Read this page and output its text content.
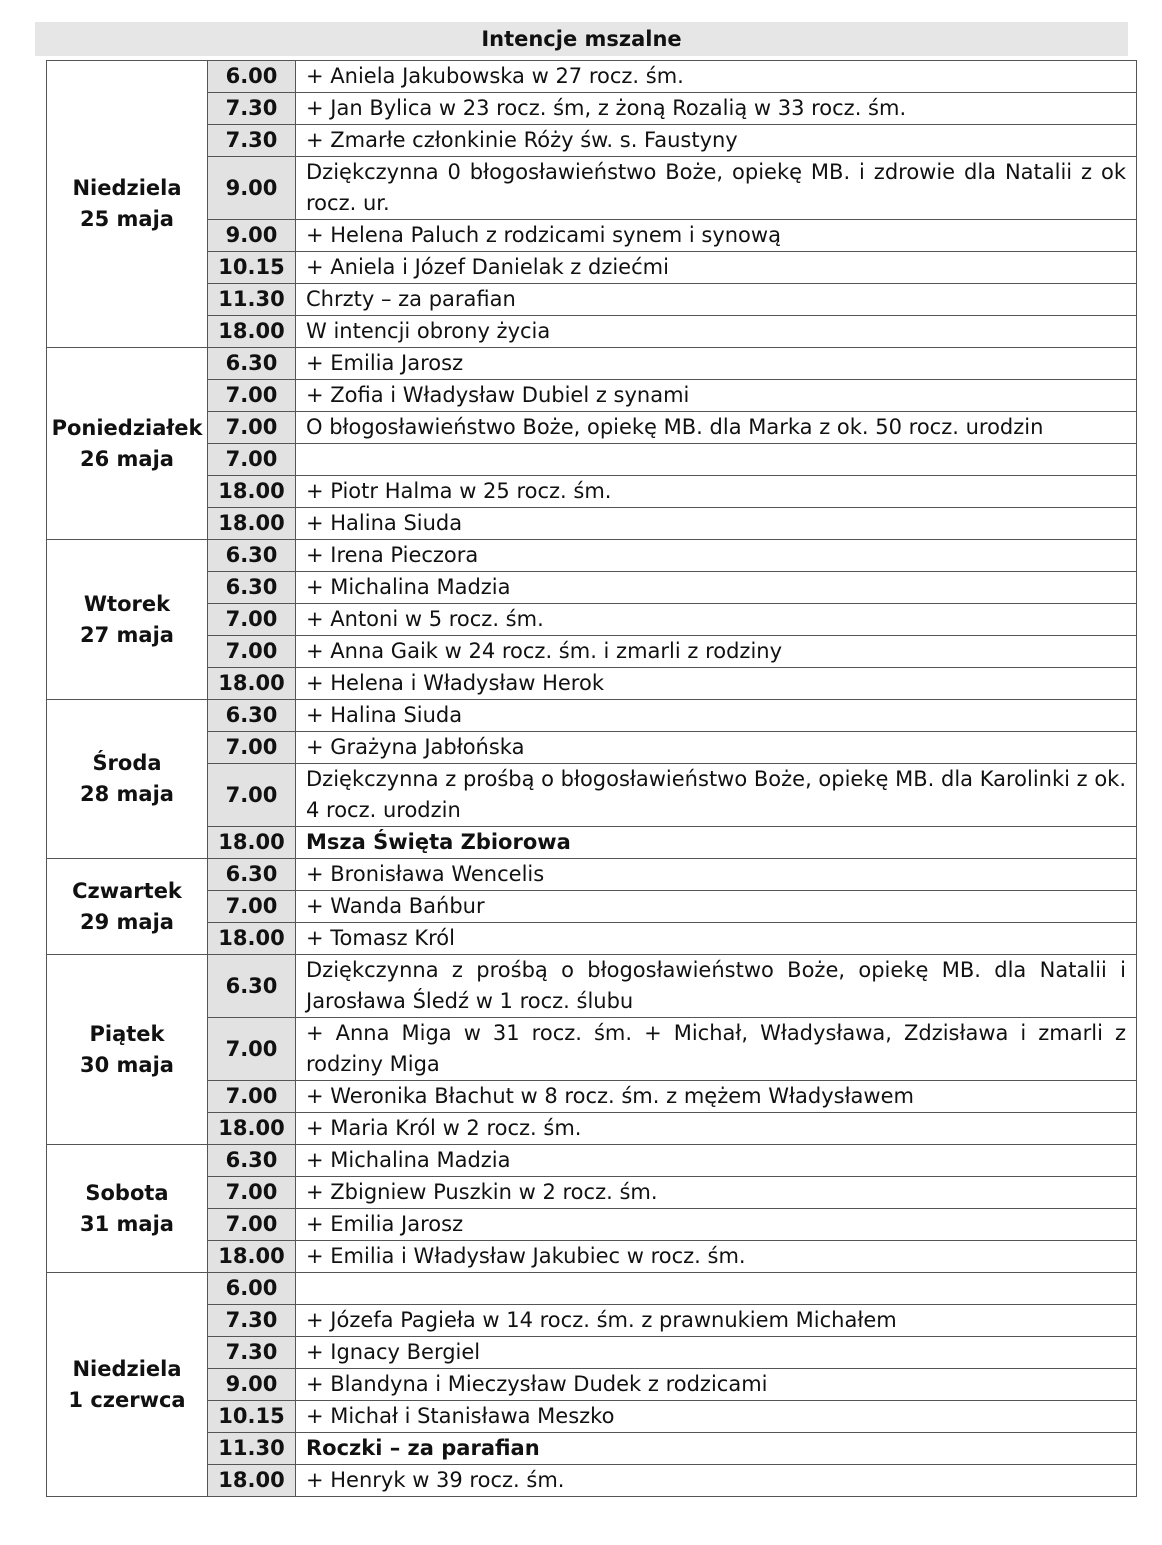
Intencje mszalne
Niedziela
25 maja	6.00	+ Aniela Jakubowska w 27 rocz. śm.
	7.30	+ Jan Bylica w 23 rocz. śm, z żoną Rozalią w 33 rocz. śm.
	7.30	+ Zmarłe członkinie Róży św. s. Faustyny
	9.00	Dziękczynna 0 błogosławieństwo Boże, opiekę MB. i zdrowie dla Natalii z ok rocz. ur.
	9.00	+ Helena Paluch z rodzicami synem i synową
	10.15	+ Aniela i Józef Danielak z dziećmi
	11.30	Chrzty – za parafian
	18.00	W intencji obrony życia

Poniedziałek
26 maja	6.30	+ Emilia Jarosz
	7.00	+ Zofia i Władysław Dubiel z synami
	7.00	O błogosławieństwo Boże, opiekę MB. dla Marka z ok. 50 rocz. urodzin
	7.00	
	18.00	+ Piotr Halma w 25 rocz. śm.
	18.00	+ Halina Siuda

Wtorek
27 maja	6.30	+ Irena Pieczora
	6.30	+ Michalina Madzia
	7.00	+ Antoni w 5 rocz. śm.
	7.00	+ Anna Gaik w 24 rocz. śm. i zmarli z rodziny
	18.00	+ Helena i Władysław Herok

Środa
28 maja	6.30	+ Halina Siuda
	7.00	+ Grażyna Jabłońska
	7.00	Dziękczynna z prośbą o błogosławieństwo Boże, opiekę MB. dla Karolinki z ok. 4 rocz. urodzin
	18.00	Msza Święta Zbiorowa

Czwartek
29 maja	6.30	+ Bronisława Wencelis
	7.00	+ Wanda Bańbur
	18.00	+ Tomasz Król

Piątek
30 maja	6.30	Dziękczynna z prośbą o błogosławieństwo Boże, opiekę MB. dla Natalii i Jarosława Śledź w 1 rocz. ślubu
	7.00	+ Anna Miga w 31 rocz. śm. + Michał, Władysława, Zdzisława i zmarli z rodziny Miga
	7.00	+ Weronika Błachut w 8 rocz. śm. z mężem Władysławem
	18.00	+ Maria Król w 2 rocz. śm.

Sobota
31 maja	6.30	+ Michalina Madzia
	7.00	+ Zbigniew Puszkin w 2 rocz. śm.
	7.00	+ Emilia Jarosz
	18.00	+ Emilia i Władysław Jakubiec w rocz. śm.

Niedziela
1 czerwca	6.00	
	7.30	+ Józefa Pagieła w 14 rocz. śm. z prawnukiem Michałem
	7.30	+ Ignacy Bergiel
	9.00	+ Blandyna i Mieczysław Dudek z rodzicami
	10.15	+ Michał i Stanisława Meszko
	11.30	Roczki – za parafian
	18.00	+ Henryk w 39 rocz. śm.
